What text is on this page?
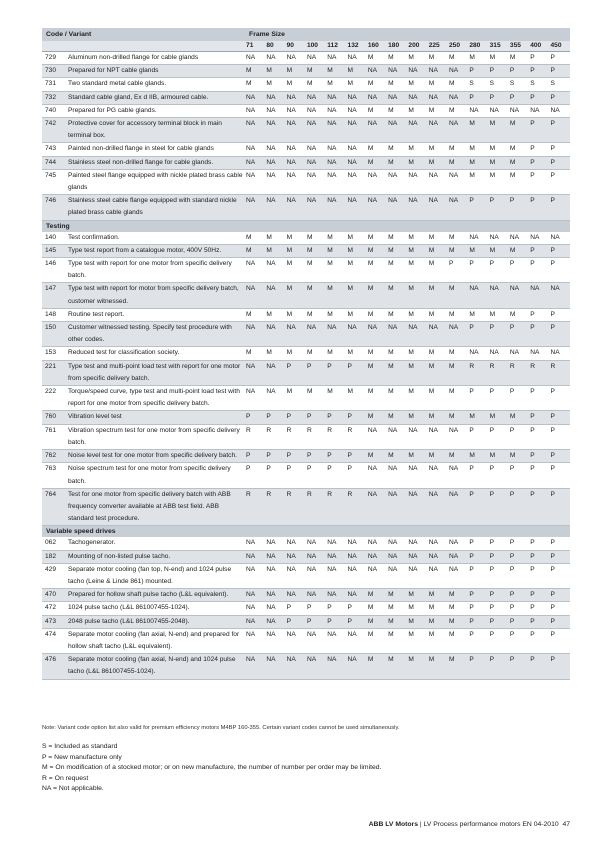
Code / Variant		Frame Size															
		71	80	90	100	112	132	160	180	200	225	250	280	315	355	400	450
729	Aluminum non-drilled flange for cable glands	NA	NA	NA	NA	NA	NA	M	M	M	M	M	M	M	M	P	P
730	Prepared for NPT cable glands	M	M	M	M	M	M	NA	NA	NA	NA	NA	P	P	P	P	P
731	Two standard metal cable glands.	M	M	M	M	M	M	M	M	M	M	M	S	S	S	S	S
732	Standard cable gland, Ex d IIB, armoured cable.	NA	NA	NA	NA	NA	NA	NA	NA	NA	NA	NA	P	P	P	P	P
740	Prepared for PG cable glands.	NA	NA	NA	NA	NA	NA	M	M	M	M	M	NA	NA	NA	NA	NA
742	Protective cover for accessory terminal block in main terminal box.	NA	NA	NA	NA	NA	NA	NA	NA	NA	NA	NA	M	M	M	P	P
743	Painted non-drilled flange in steel for cable glands	NA	NA	NA	NA	NA	NA	M	M	M	M	M	M	M	M	P	P
744	Stainless steel non-drilled flange for cable glands.	NA	NA	NA	NA	NA	NA	M	M	M	M	M	M	M	M	P	P
745	Painted steel flange equipped with nickle plated brass cable glands	NA	NA	NA	NA	NA	NA	NA	NA	NA	NA	NA	M	M	M	P	P
746	Stainless steel cable flange equipped with standard nickle plated brass cable glands	NA	NA	NA	NA	NA	NA	NA	NA	NA	NA	NA	P	P	P	P	P
Testing																	
140	Test confirmation.	M	M	M	M	M	M	M	M	M	M	M	NA	NA	NA	NA	NA
145	Type test report from a catalogue motor, 400V 50Hz.	M	M	M	M	M	M	M	M	M	M	M	M	M	M	P	P
146	Type test with report for one motor from specific delivery batch.	NA	NA	M	M	M	M	M	M	M	M	P	P	P	P	P	P
147	Type test with report for motor from specific delivery batch, customer witnessed.	NA	NA	M	M	M	M	M	M	M	M	M	NA	NA	NA	NA	NA
148	Routine test report.	M	M	M	M	M	M	M	M	M	M	M	M	M	M	P	P
150	Customer witnessed testing. Specify test procedure with other codes.	NA	NA	NA	NA	NA	NA	NA	NA	NA	NA	NA	P	P	P	P	P
153	Reduced test for classification society.	M	M	M	M	M	M	M	M	M	M	M	NA	NA	NA	NA	NA
221	Type test and multi-point load test with report for one motor from specific delivery batch.	NA	NA	P	P	P	P	M	M	M	M	M	R	R	R	R	R
222	Torque/speed curve, type test and multi-point load test with report for one motor from specific delivery batch.	NA	NA	M	M	M	M	M	M	M	M	M	P	P	P	P	P
760	Vibration level test	P	P	P	P	P	P	M	M	M	M	M	M	M	M	P	P
761	Vibration spectrum test for one motor from specific delivery batch.	R	R	R	R	R	R	NA	NA	NA	NA	NA	P	P	P	P	P
762	Noise level test for one motor from specific delivery batch.	P	P	P	P	P	P	M	M	M	M	M	M	M	M	P	P
763	Noise spectrum test for one motor from specific delivery batch.	P	P	P	P	P	P	NA	NA	NA	NA	NA	P	P	P	P	P
764	Test for one motor from specific delivery batch with ABB frequency converter available at ABB test field. ABB standard test procedure.	R	R	R	R	R	R	NA	NA	NA	NA	NA	P	P	P	P	P
Variable speed drives																	
062	Tachogenerator.	NA	NA	NA	NA	NA	NA	NA	NA	NA	NA	NA	P	P	P	P	P
182	Mounting of non-listed pulse tacho.	NA	NA	NA	NA	NA	NA	NA	NA	NA	NA	NA	P	P	P	P	P
429	Separate motor cooling (fan top, N-end) and 1024 pulse tacho (Leine & Linde 861) mounted.	NA	NA	NA	NA	NA	NA	NA	NA	NA	NA	NA	P	P	P	P	P
470	Prepared for hollow shaft pulse tacho (L&L equivalent).	NA	NA	NA	NA	NA	NA	M	M	M	M	M	P	P	P	P	P
472	1024 pulse tacho (L&L 861007455-1024).	NA	NA	P	P	P	P	M	M	M	M	M	P	P	P	P	P
473	2048 pulse tacho (L&L 861007455-2048).	NA	NA	P	P	P	P	M	M	M	M	M	P	P	P	P	P
474	Separate motor cooling (fan axial, N-end) and prepared for hollow shaft tacho (L&L equivalent).	NA	NA	NA	NA	NA	NA	M	M	M	M	M	P	P	P	P	P
476	Separate motor cooling (fan axial, N-end) and 1024 pulse tacho (L&L 861007455-1024).	NA	NA	NA	NA	NA	NA	M	M	M	M	M	P	P	P	P	P
Note: Variant code option list also valid for premium efficiency motors M4BP 160-355. Certain variant codes cannot be used simultaneously.
S = Included as standard
P = New manufacture only
M = On modification of a stocked motor; or on new manufacture, the number of number per order may be limited.
R = On request
NA = Not applicable.
ABB LV Motors | LV Process performance motors EN 04-2010 47
